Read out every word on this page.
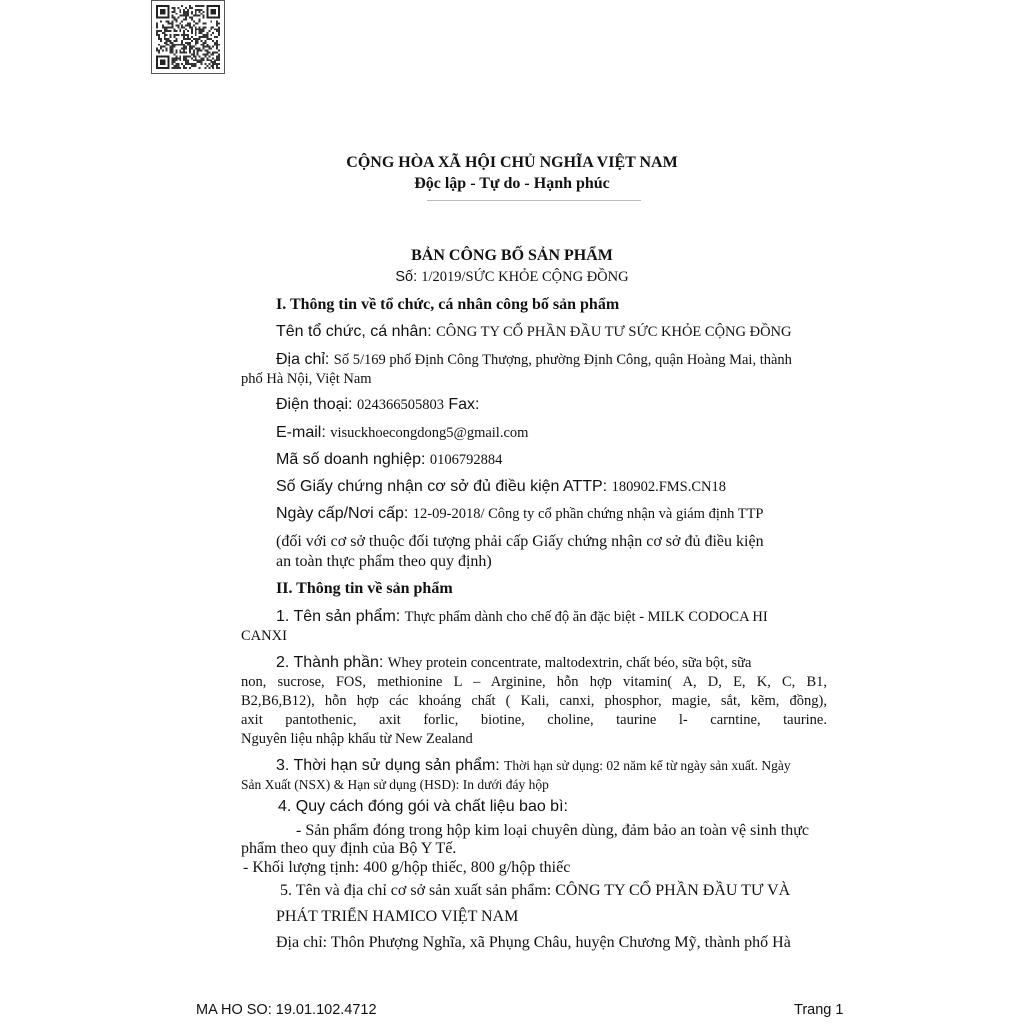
CỘNG HÒA XÃ HỘI CHỦ NGHĨA VIỆT NAM
Độc lập - Tự do - Hạnh phúc
BẢN CÔNG BỐ SẢN PHẨM
Số: 1/2019/SỨC KHỎE CỘNG ĐỒNG
I. Thông tin về tổ chức, cá nhân công bố sản phẩm
Tên tổ chức, cá nhân: CÔNG TY CỔ PHẦN ĐẦU TƯ SỨC KHỎE CỘNG ĐỒNG
Địa chỉ: Số 5/169 phố Định Công Thượng, phường Định Công, quận Hoàng Mai, thành
phố Hà Nội, Việt Nam
Điện thoại: 024366505803 Fax:
E-mail: visuckhoecongdong5@gmail.com
Mã số doanh nghiệp: 0106792884
Số Giấy chứng nhận cơ sở đủ điều kiện ATTP: 180902.FMS.CN18
Ngày cấp/Nơi cấp: 12-09-2018/ Công ty cổ phần chứng nhận và giám định TTP
(đối với cơ sở thuộc đối tượng phải cấp Giấy chứng nhận cơ sở đủ điều kiện
an toàn thực phẩm theo quy định)
II. Thông tin về sản phẩm
1. Tên sản phẩm: Thực phẩm dành cho chế độ ăn đặc biệt - MILK CODOCA HI
CANXI
2. Thành phần: Whey protein concentrate, maltodextrin, chất béo, sữa bột, sữa
non, sucrose, FOS, methionine L – Arginine, hỗn hợp vitamin( A, D, E, K, C, B1,
B2,B6,B12), hỗn hợp các khoáng chất ( Kali, canxi, phosphor, magie, sắt, kẽm, đồng),
axit pantothenic, axit forlic, biotine, choline, taurine l- carntine, taurine.
Nguyên liệu nhập khẩu từ New Zealand
3. Thời hạn sử dụng sản phẩm: Thời hạn sử dụng: 02 năm kể từ ngày sản xuất. Ngày
Sản Xuất (NSX) & Hạn sử dụng (HSD): In dưới đáy hộp
4. Quy cách đóng gói và chất liệu bao bì:
- Sản phẩm đóng trong hộp kim loại chuyên dùng, đảm bảo an toàn vệ sinh thực
phẩm theo quy định của Bộ Y Tế.
- Khối lượng tịnh: 400 g/hộp thiếc, 800 g/hộp thiếc
5. Tên và địa chỉ cơ sở sản xuất sản phẩm: CÔNG TY CỔ PHẦN ĐẦU TƯ VÀ
PHÁT TRIỂN HAMICO VIỆT NAM
Địa chỉ: Thôn Phượng Nghĩa, xã Phụng Châu, huyện Chương Mỹ, thành phố Hà
MA HO SO: 19.01.102.4712	Trang 1
